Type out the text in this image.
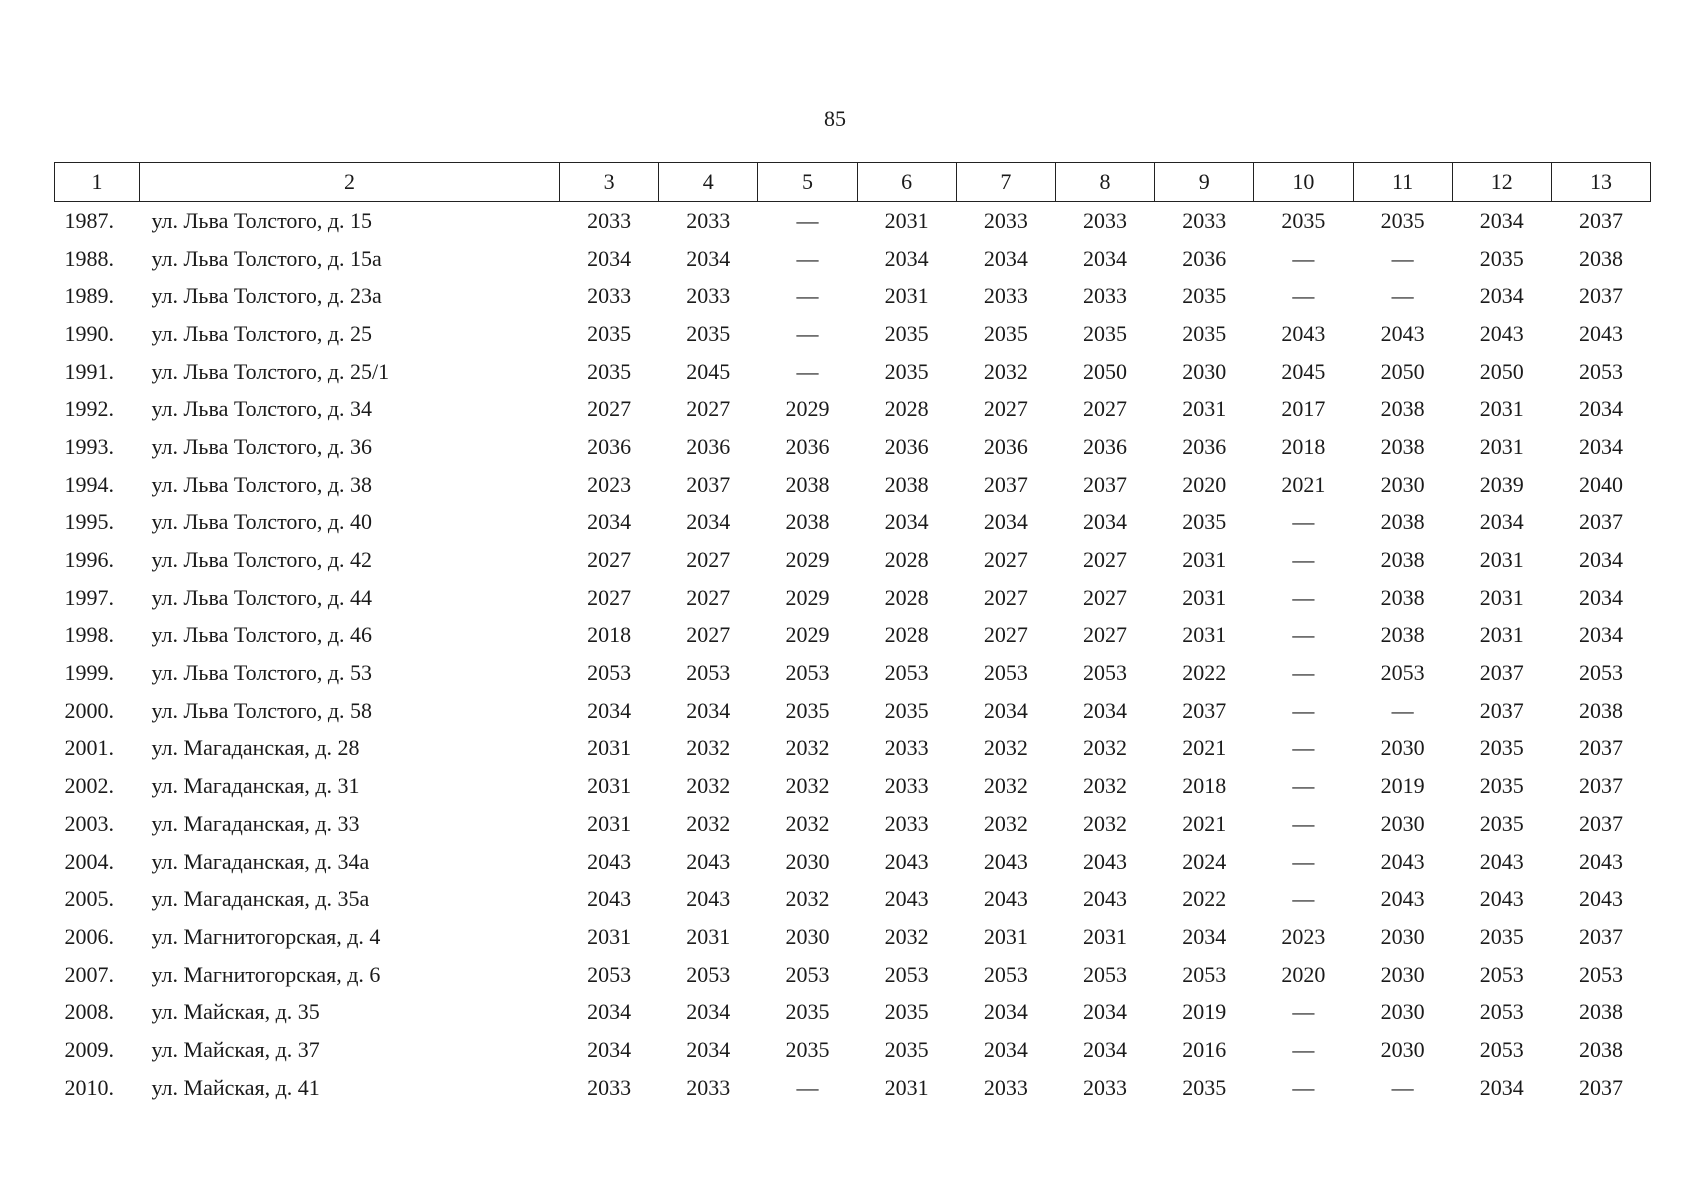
85
1	2	3	4	5	6	7	8	9	10	11	12	13
1987.	ул. Льва Толстого, д. 15	2033	2033	—	2031	2033	2033	2033	2035	2035	2034	2037
1988.	ул. Льва Толстого, д. 15а	2034	2034	—	2034	2034	2034	2036	—	—	2035	2038
1989.	ул. Льва Толстого, д. 23а	2033	2033	—	2031	2033	2033	2035	—	—	2034	2037
1990.	ул. Льва Толстого, д. 25	2035	2035	—	2035	2035	2035	2035	2043	2043	2043	2043
1991.	ул. Льва Толстого, д. 25/1	2035	2045	—	2035	2032	2050	2030	2045	2050	2050	2053
1992.	ул. Льва Толстого, д. 34	2027	2027	2029	2028	2027	2027	2031	2017	2038	2031	2034
1993.	ул. Льва Толстого, д. 36	2036	2036	2036	2036	2036	2036	2036	2018	2038	2031	2034
1994.	ул. Льва Толстого, д. 38	2023	2037	2038	2038	2037	2037	2020	2021	2030	2039	2040
1995.	ул. Льва Толстого, д. 40	2034	2034	2038	2034	2034	2034	2035	—	2038	2034	2037
1996.	ул. Льва Толстого, д. 42	2027	2027	2029	2028	2027	2027	2031	—	2038	2031	2034
1997.	ул. Льва Толстого, д. 44	2027	2027	2029	2028	2027	2027	2031	—	2038	2031	2034
1998.	ул. Льва Толстого, д. 46	2018	2027	2029	2028	2027	2027	2031	—	2038	2031	2034
1999.	ул. Льва Толстого, д. 53	2053	2053	2053	2053	2053	2053	2022	—	2053	2037	2053
2000.	ул. Льва Толстого, д. 58	2034	2034	2035	2035	2034	2034	2037	—	—	2037	2038
2001.	ул. Магаданская, д. 28	2031	2032	2032	2033	2032	2032	2021	—	2030	2035	2037
2002.	ул. Магаданская, д. 31	2031	2032	2032	2033	2032	2032	2018	—	2019	2035	2037
2003.	ул. Магаданская, д. 33	2031	2032	2032	2033	2032	2032	2021	—	2030	2035	2037
2004.	ул. Магаданская, д. 34а	2043	2043	2030	2043	2043	2043	2024	—	2043	2043	2043
2005.	ул. Магаданская, д. 35а	2043	2043	2032	2043	2043	2043	2022	—	2043	2043	2043
2006.	ул. Магнитогорская, д. 4	2031	2031	2030	2032	2031	2031	2034	2023	2030	2035	2037
2007.	ул. Магнитогорская, д. 6	2053	2053	2053	2053	2053	2053	2053	2020	2030	2053	2053
2008.	ул. Майская, д. 35	2034	2034	2035	2035	2034	2034	2019	—	2030	2053	2038
2009.	ул. Майская, д. 37	2034	2034	2035	2035	2034	2034	2016	—	2030	2053	2038
2010.	ул. Майская, д. 41	2033	2033	—	2031	2033	2033	2035	—	—	2034	2037
